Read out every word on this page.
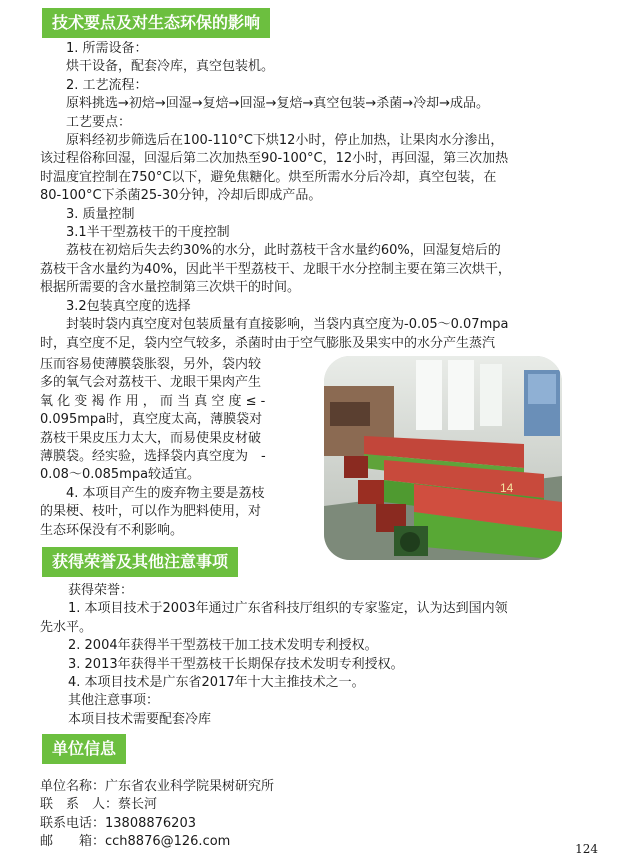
技术要点及对生态环保的影响

1. 所需设备：

烘干设备，配套冷库，真空包装机。

2. 工艺流程：

原料挑选→初焙→回湿→复焙→回湿→复焙→真空包装→杀菌→冷却→成品。

工艺要点：

原料经初步筛选后在100-110°C下烘12小时，停止加热，让果肉水分渗出，

该过程俗称回湿，回湿后第二次加热至90-100°C，12小时，再回湿，第三次加热

时温度宜控制在750°C以下，避免焦糖化。烘至所需水分后冷却，真空包装，在

80-100°C下杀菌25-30分钟，冷却后即成产品。

3. 质量控制

3.1半干型荔枝干的干度控制

荔枝在初焙后失去约30%的水分，此时荔枝干含水量约60%，回湿复焙后的

荔枝干含水量约为40%，因此半干型荔枝干、龙眼干水分控制主要在第三次烘干，

根据所需要的含水量控制第三次烘干的时间。

3.2包装真空度的选择

封装时袋内真空度对包装质量有直接影响，当袋内真空度为-0.05～0.07mpa

时，真空度不足，袋内空气较多，杀菌时由于空气膨胀及果实中的水分产生蒸汽

压而容易使薄膜袋胀裂，另外，袋内较

多的氧气会对荔枝干、龙眼干果肉产生

氧 化 变 褐 作 用 ， 而 当 真 空 度 ≤ -

0.095mpa时，真空度太高，薄膜袋对

荔枝干果皮压力太大，而易使果皮材破

薄膜袋。经实验，选择袋内真空度为　-

0.08～0.085mpa较适宜。

4. 本项目产生的废弃物主要是荔枝

的果梗、枝叶，可以作为肥料使用，对

生态环保没有不利影响。

14
获得荣誉及其他注意事项

获得荣誉：

1. 本项目技术于2003年通过广东省科技厅组织的专家鉴定，认为达到国内领

先水平。

2. 2004年获得半干型荔枝干加工技术发明专利授权。

3. 2013年获得半干型荔枝干长期保存技术发明专利授权。

4. 本项目技术是广东省2017年十大主推技术之一。

其他注意事项：

本项目技术需要配套冷库

单位信息

单位名称：广东省农业科学院果树研究所

联　系　人：蔡长河

联系电话：13808876203

邮　　箱：cch8876@126.com	124
